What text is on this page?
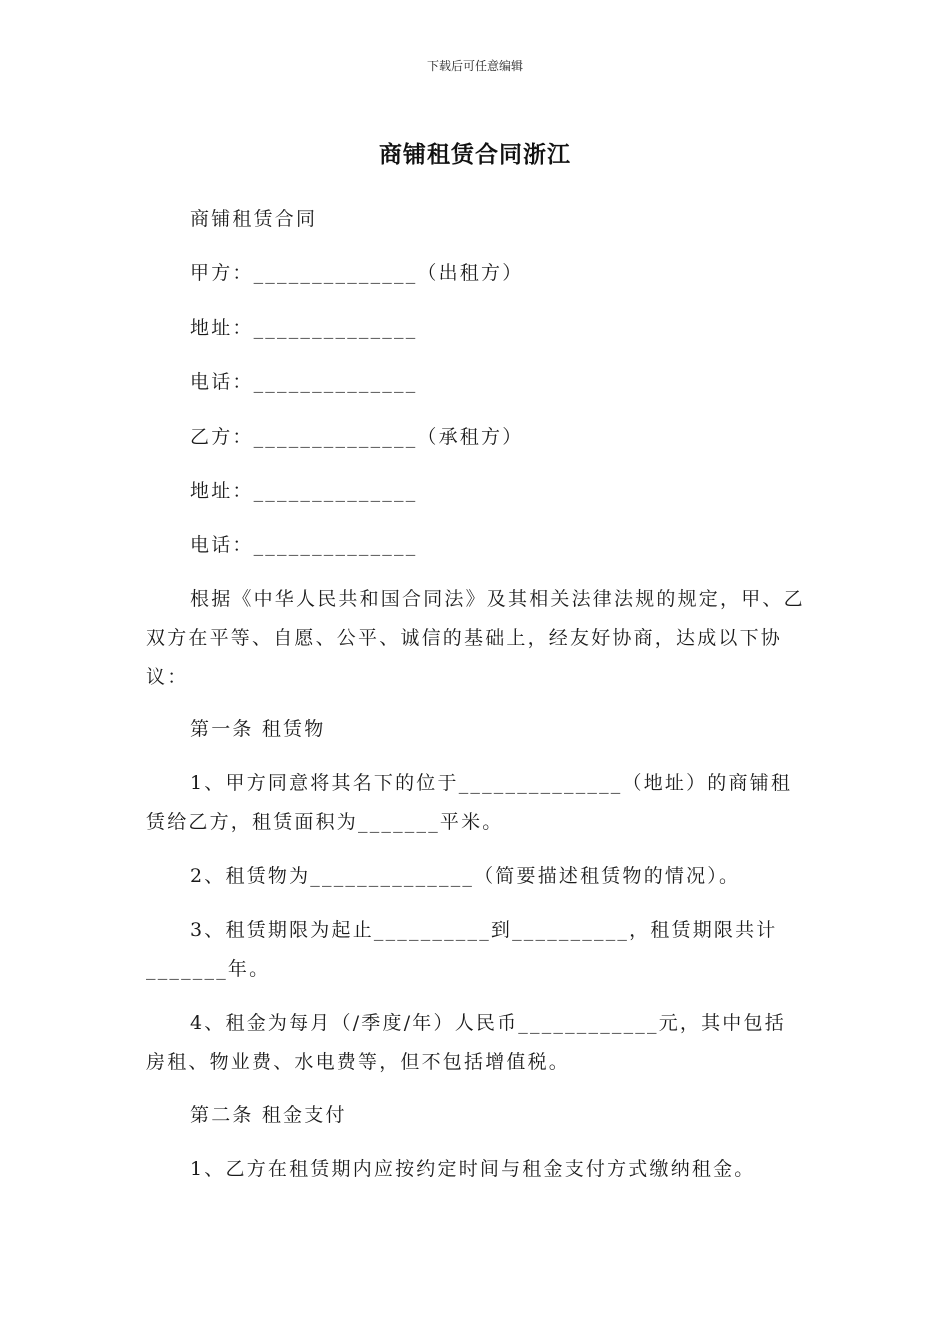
下载后可任意编辑
商铺租赁合同浙江
商铺租赁合同
甲方：______________（出租方）
地址：______________
电话：______________
乙方：______________（承租方）
地址：______________
电话：______________
根据《中华人民共和国合同法》及其相关法律法规的规定，甲、乙双方在平等、自愿、公平、诚信的基础上，经友好协商，达成以下协议：
第一条 租赁物
1、甲方同意将其名下的位于______________（地址）的商铺租赁给乙方，租赁面积为_______平米。
2、租赁物为______________（简要描述租赁物的情况）。
3、租赁期限为起止__________到__________，租赁期限共计_______年。
4、租金为每月（/季度/年）人民币____________元，其中包括房租、物业费、水电费等，但不包括增值税。
第二条 租金支付
1、乙方在租赁期内应按约定时间与租金支付方式缴纳租金。
